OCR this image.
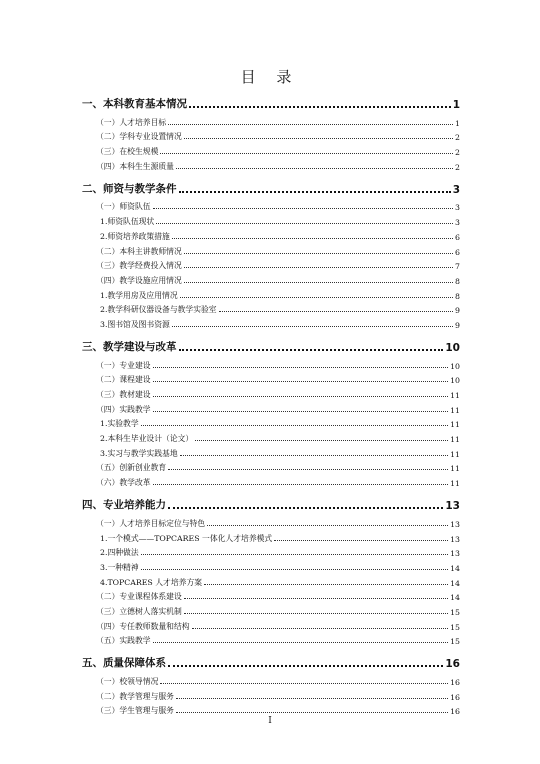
目 录
一、本科教育基本情况	1
（一）人才培养目标	1
（二）学科专业设置情况	2
（三）在校生规模	2
（四）本科生生源质量	2
二、师资与教学条件	3
（一）师资队伍	3
1.师资队伍现状	3
2.师资培养政策措施	6
（二）本科主讲教师情况	6
（三）教学经费投入情况	7
（四）教学设施应用情况	8
1.教学用房及应用情况	8
2.教学科研仪器设备与教学实验室	9
3.图书馆及图书资源	9
三、教学建设与改革	10
（一）专业建设	10
（二）课程建设	10
（三）教材建设	11
（四）实践教学	11
1.实验教学	11
2.本科生毕业设计（论文）	11
3.实习与教学实践基地	11
（五）创新创业教育	11
（六）教学改革	11
四、专业培养能力	13
（一）人才培养目标定位与特色	13
1.一个模式——TOPCARES 一体化人才培养模式	13
2.四种做法	13
3.一种精神	14
4.TOPCARES 人才培养方案	14
（二）专业课程体系建设	14
（三）立德树人落实机制	15
（四）专任教师数量和结构	15
（五）实践教学	15
五、质量保障体系	16
（一）校领导情况	16
（二）教学管理与服务	16
（三）学生管理与服务	16
I
